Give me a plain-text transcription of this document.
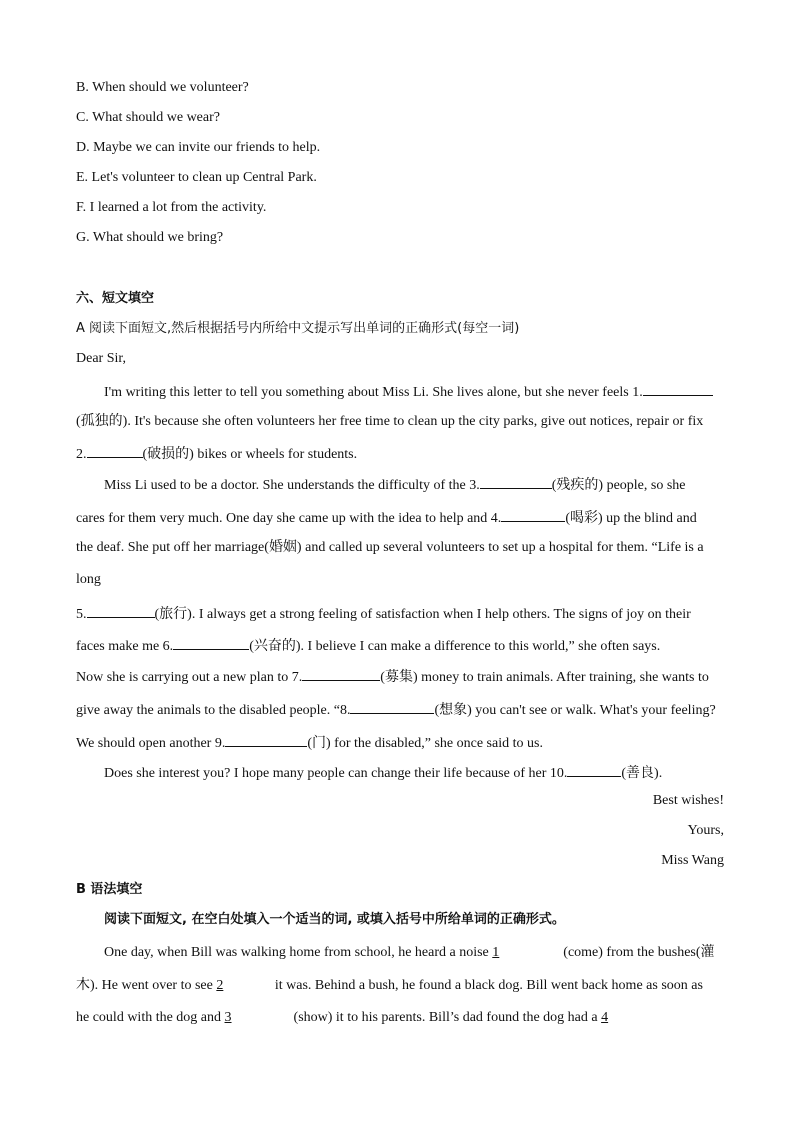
B. When should we volunteer?
C. What should we wear?
D. Maybe we can invite our friends to help.
E. Let's volunteer to clean up Central Park.
F. I learned a lot from the activity.
G. What should we bring?
六、短文填空
A 阅读下面短文,然后根据括号内所给中文提示写出单词的正确形式(每空一词)
Dear Sir,
I'm writing this letter to tell you something about Miss Li. She lives alone, but she never feels 1.
(孤独的). It's because she often volunteers her free time to clean up the city parks, give out notices, repair or fix
2.	(破损的) bikes or wheels for students.
Miss Li used to be a doctor. She understands the difficulty of the 3.	(残疾的) people, so she
cares for them very much. One day she came up with the idea to help and 4.	(喝彩) up the blind and
the deaf. She put off her marriage(婚姻) and called up several volunteers to set up a hospital for them. “Life is a
long
5.	(旅行). I always get a strong feeling of satisfaction when I help others. The signs of joy on their
faces make me 6.	(兴奋的). I believe I can make a difference to this world,” she often says.
Now she is carrying out a new plan to 7.	(募集) money to train animals. After training, she wants to
give away the animals to the disabled people. “8.	(想象) you can't see or walk. What's your feeling?
We should open another 9.	(门) for the disabled,” she once said to us.
Does she interest you? I hope many people can change their life because of her 10.	(善良).
Best wishes!
Yours,
Miss Wang
B 语法填空
阅读下面短文, 在空白处填入一个适当的词, 或填入括号中所给单词的正确形式。
One day, when Bill was walking home from school, he heard a noise 1	(come) from the bushes(灌
木). He went over to see 2	it was. Behind a bush, he found a black dog. Bill went back home as soon as
he could with the dog and 3	(show) it to his parents. Bill’s dad found the dog had a 4
